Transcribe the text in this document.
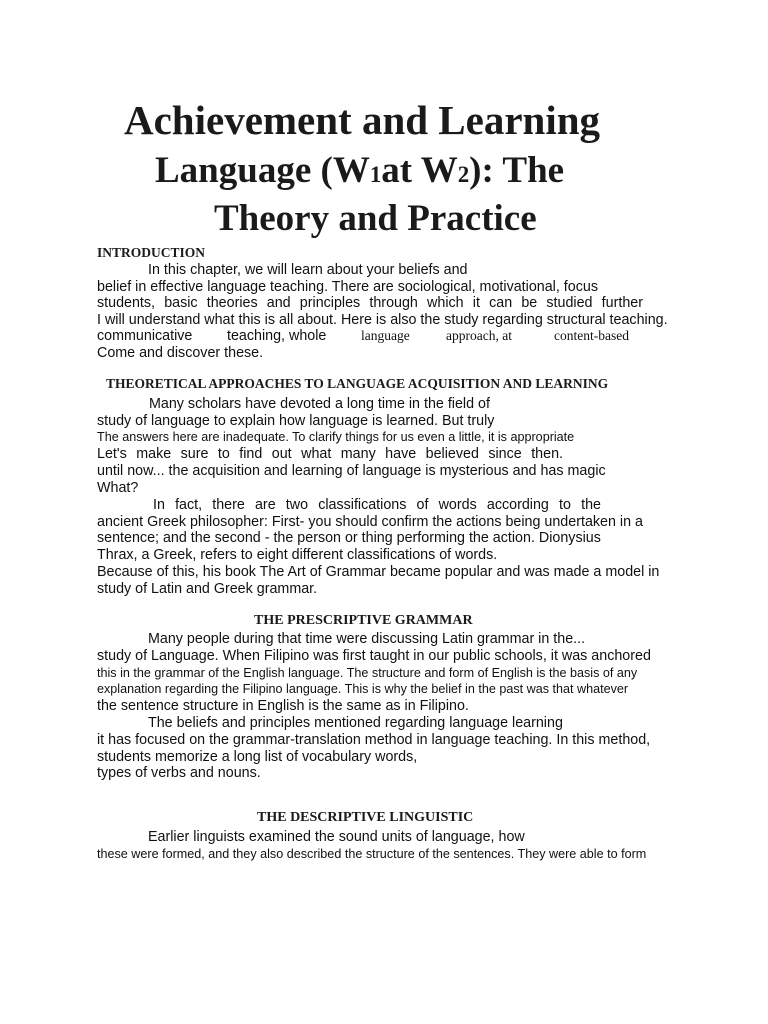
Achievement and Learning
Language (W1at W2): The
Theory and Practice
INTRODUCTION

In this chapter, we will learn about your beliefs and

belief in effective language teaching. There are sociological, motivational, focus

students, basic theories and principles through which it can be studied further

I will understand what this is all about. Here is also the study regarding structural teaching.

communicative teaching, whole	language	approach, at	content-based

Come and discover these.

THEORETICAL APPROACHES TO LANGUAGE ACQUISITION AND LEARNING

Many scholars have devoted a long time in the field of

study of language to explain how language is learned. But truly

The answers here are inadequate. To clarify things for us even a little, it is appropriate

Let's make sure to find out what many have believed since then.

until now... the acquisition and learning of language is mysterious and has magic

What?

In fact, there are two classifications of words according to the

ancient Greek philosopher: First- you should confirm the actions being undertaken in a

sentence; and the second - the person or thing performing the action. Dionysius

Thrax, a Greek, refers to eight different classifications of words.

Because of this, his book The Art of Grammar became popular and was made a model in

study of Latin and Greek grammar.

THE PRESCRIPTIVE GRAMMAR

Many people during that time were discussing Latin grammar in the...

study of Language. When Filipino was first taught in our public schools, it was anchored

this in the grammar of the English language. The structure and form of English is the basis of any

explanation regarding the Filipino language. This is why the belief in the past was that whatever

the sentence structure in English is the same as in Filipino.

The beliefs and principles mentioned regarding language learning

it has focused on the grammar-translation method in language teaching. In this method,

students memorize a long list of vocabulary words,

types of verbs and nouns.

THE DESCRIPTIVE LINGUISTIC

Earlier linguists examined the sound units of language, how

these were formed, and they also described the structure of the sentences. They were able to form
